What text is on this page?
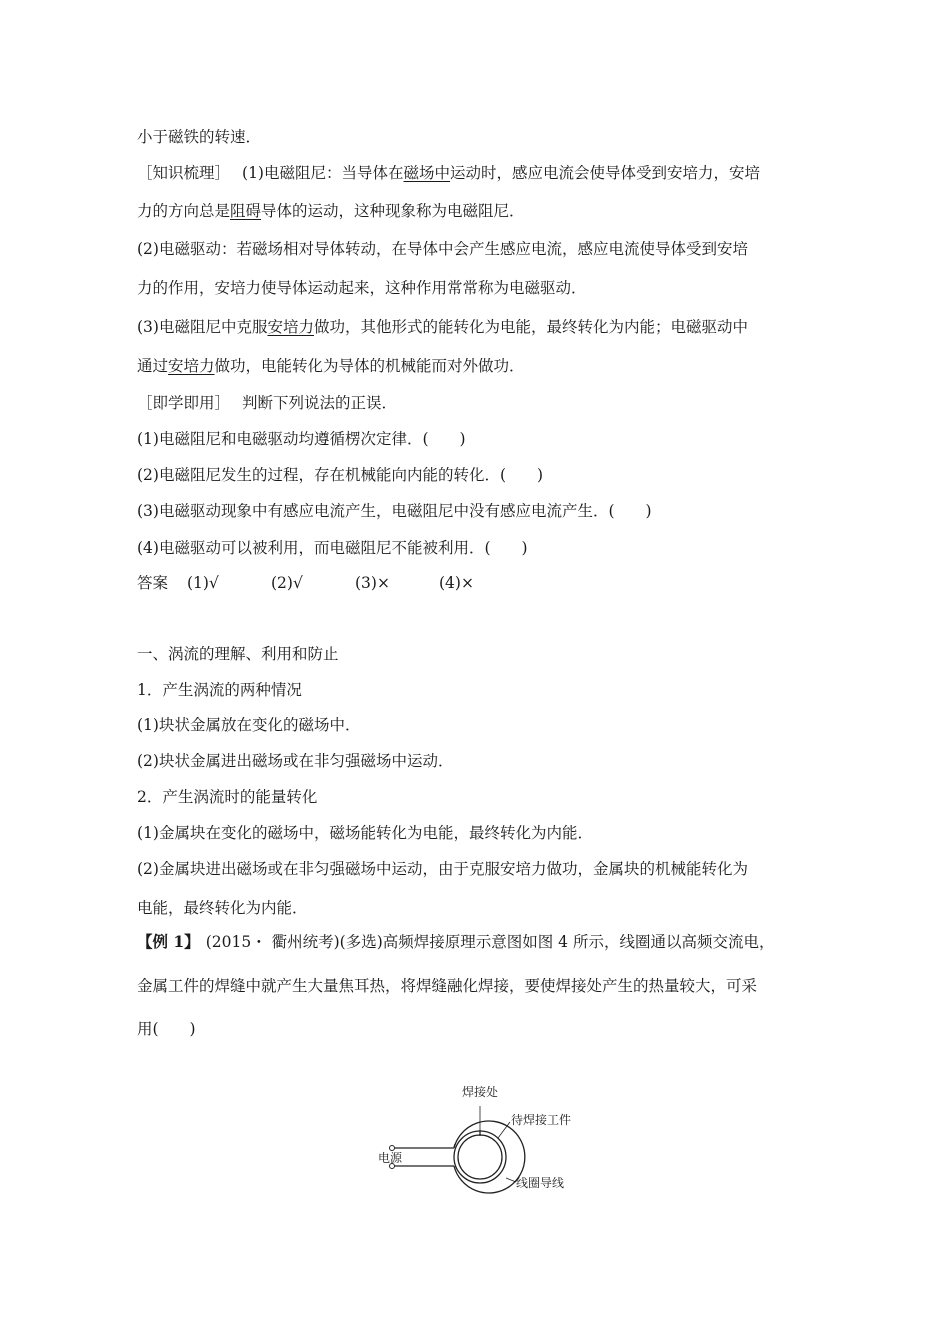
小于磁铁的转速．
［知识梳理］ (1)电磁阻尼：当导体在磁场中运动时，感应电流会使导体受到安培力，安培
力的方向总是阻碍导体的运动，这种现象称为电磁阻尼．
(2)电磁驱动：若磁场相对导体转动，在导体中会产生感应电流，感应电流使导体受到安培
力的作用，安培力使导体运动起来，这种作用常常称为电磁驱动．
(3)电磁阻尼中克服安培力做功，其他形式的能转化为电能，最终转化为内能；电磁驱动中
通过安培力做功，电能转化为导体的机械能而对外做功．
［即学即用］ 判断下列说法的正误．
(1)电磁阻尼和电磁驱动均遵循楞次定律．(　　)
(2)电磁阻尼发生的过程，存在机械能向内能的转化．(　　)
(3)电磁驱动现象中有感应电流产生，电磁阻尼中没有感应电流产生．(　　)
(4)电磁驱动可以被利用，而电磁阻尼不能被利用．(　　)
答案 (1)√	(2)√	(3)×	(4)×
一、涡流的理解、利用和防止
1．产生涡流的两种情况
(1)块状金属放在变化的磁场中．
(2)块状金属进出磁场或在非匀强磁场中运动．
2．产生涡流时的能量转化
(1)金属块在变化的磁场中，磁场能转化为电能，最终转化为内能．
(2)金属块进出磁场或在非匀强磁场中运动，由于克服安培力做功，金属块的机械能转化为
电能，最终转化为内能．
【例 1】 (2015・ 衢州统考)(多选)高频焊接原理示意图如图 4 所示，线圈通以高频交流电，
金属工件的焊缝中就产生大量焦耳热，将焊缝融化焊接，要使焊接处产生的热量较大，可采
用(　　)
焊接处
待焊接工件
电源
线圈导线
